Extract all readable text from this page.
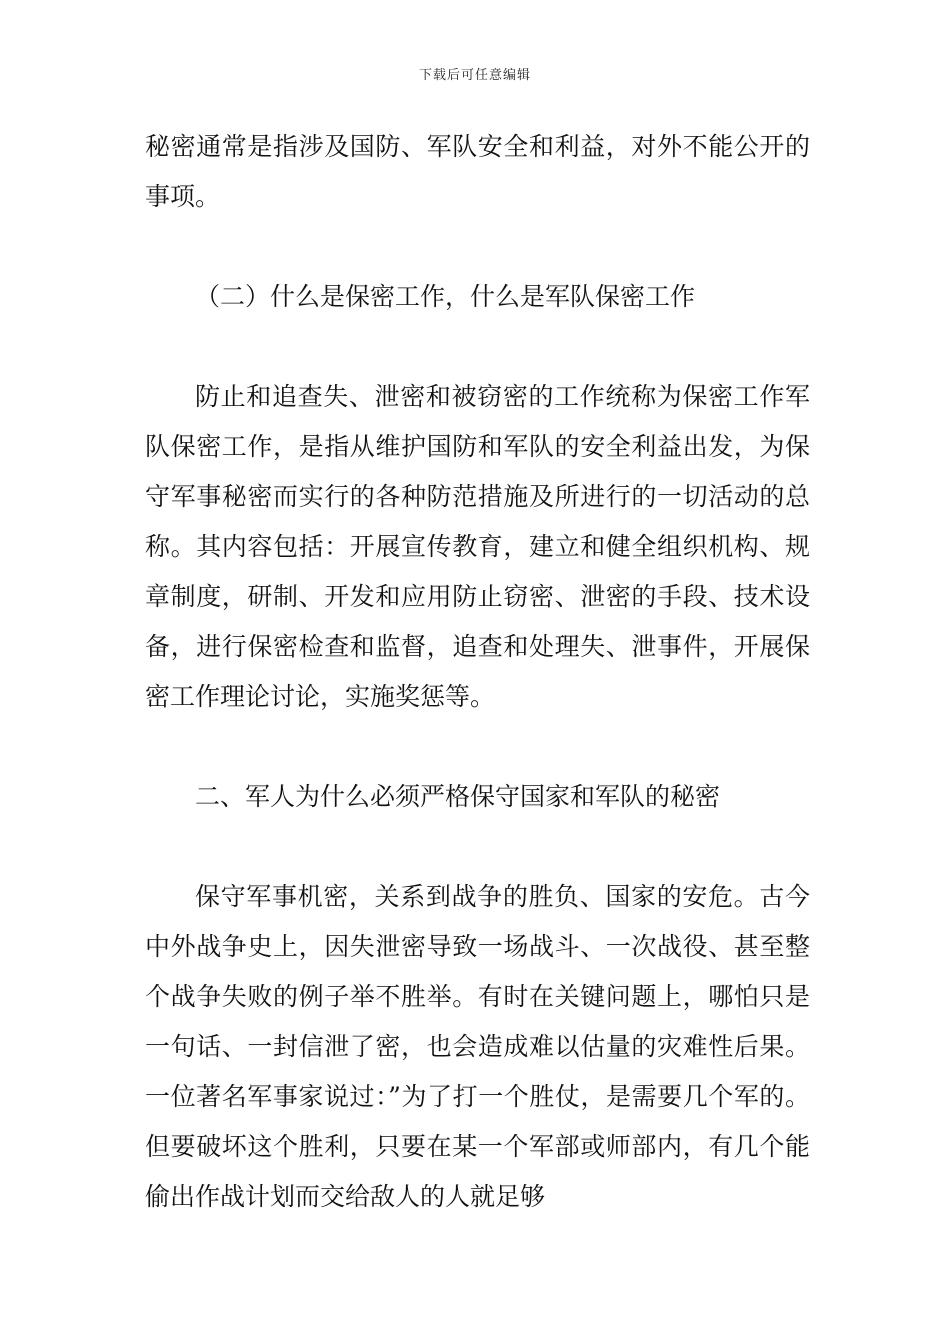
下载后可任意编辑

秘密通常是指涉及国防、军队安全和利益，对外不能公开的事项。

（二）什么是保密工作，什么是军队保密工作

防止和追查失、泄密和被窃密的工作统称为保密工作军队保密工作，是指从维护国防和军队的安全利益出发，为保守军事秘密而实行的各种防范措施及所进行的一切活动的总称。其内容包括：开展宣传教育，建立和健全组织机构、规章制度，研制、开发和应用防止窃密、泄密的手段、技术设备，进行保密检查和监督，追查和处理失、泄事件，开展保密工作理论讨论，实施奖惩等。

二、军人为什么必须严格保守国家和军队的秘密

保守军事机密，关系到战争的胜负、国家的安危。古今中外战争史上，因失泄密导致一场战斗、一次战役、甚至整个战争失败的例子举不胜举。有时在关键问题上，哪怕只是一句话、一封信泄了密，也会造成难以估量的灾难性后果。一位著名军事家说过：”为了打一个胜仗，是需要几个军的。但要破坏这个胜利，只要在某一个军部或师部内，有几个能偷出作战计划而交给敌人的人就足够
